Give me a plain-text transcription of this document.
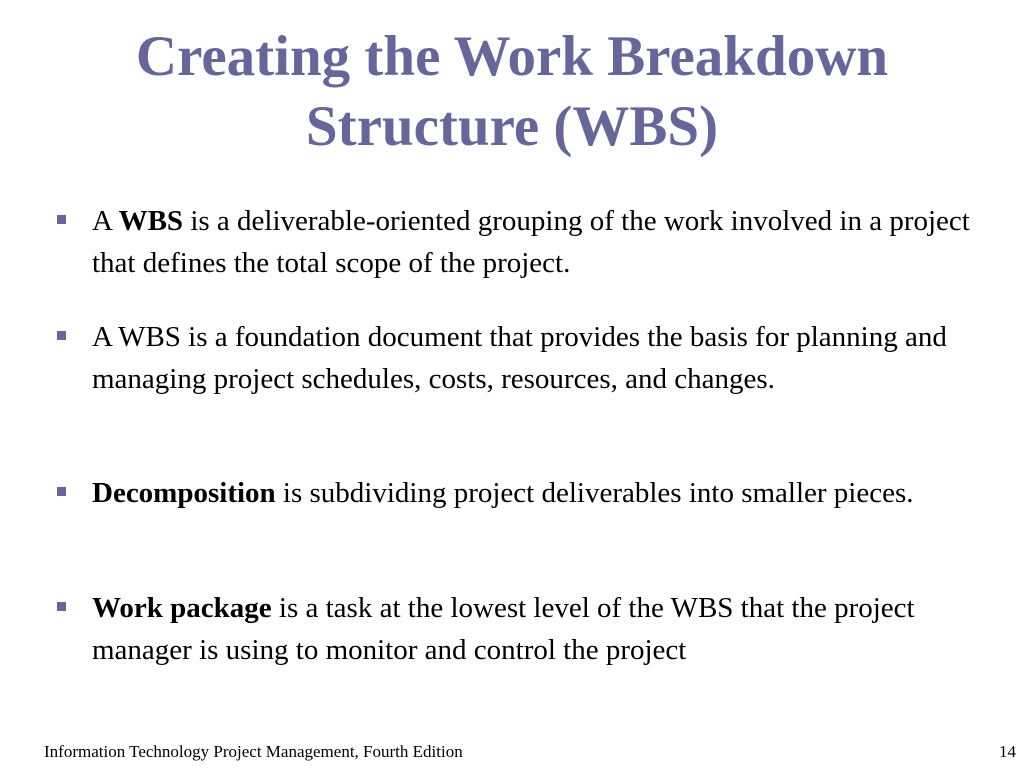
Creating the Work Breakdown
Structure (WBS)
A WBS is a deliverable-oriented grouping of the work involved in a project that defines the total scope of the project.
A WBS is a foundation document that provides the basis for planning and managing project schedules, costs, resources, and changes.
Decomposition is subdividing project deliverables into smaller pieces.
Work package is a task at the lowest level of the WBS that the project manager is using to monitor and control the project
Information Technology Project Management, Fourth Edition	14
